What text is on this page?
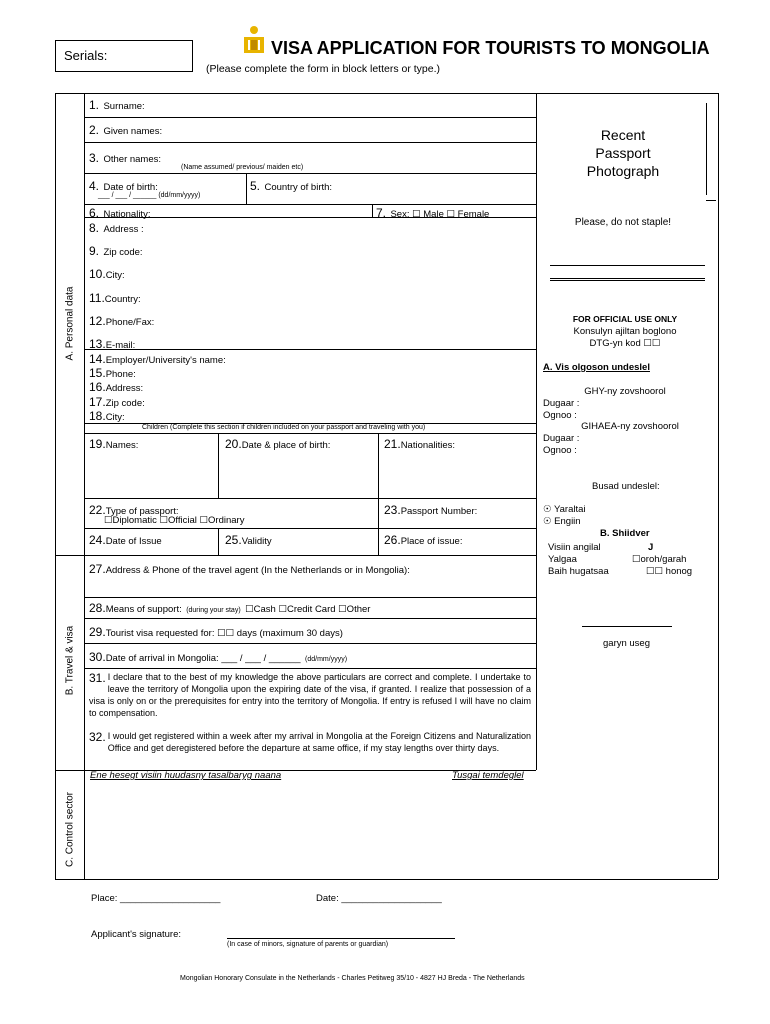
Serials:	VISA APPLICATION FOR TOURISTS TO MONGOLIA
(Please complete the form in block letters or type.)
A. Personal data
B. Travel & visa
C. Control sector
1. Surname:
2. Given names:
3. Other names:
(Name assumed/ previous/ maiden etc)
4. Date of birth:
___ / ___ / ______ (dd/mm/yyyy)
5. Country of birth:
6. Nationality:	7. Sex: ☐ Male ☐ Female
8. Address :
9. Zip code:
10.City:
11.Country:
12.Phone/Fax:
13.E-mail:
14.Employer/University's name:
15.Phone:
16.Address:
17.Zip code:
18.City:
Children (Complete this section if children included on your passport and traveling with you)
19.Names:	20.Date & place of birth:	21.Nationalities:
22.Type of passport:
☐Diplomatic ☐Official ☐Ordinary
23.Passport Number:
24.Date of Issue	25.Validity	26.Place of issue:
27.Address & Phone of the travel agent (In the Netherlands or in Mongolia):
28.Means of support: (during your stay) ☐Cash ☐Credit Card ☐Other
29.Tourist visa requested for: ☐☐ days (maximum 30 days)
30.Date of arrival in Mongolia: ___ / ___ / ______ (dd/mm/yyyy)
31. I declare that to the best of my knowledge the above particulars are correct and complete. I undertake to leave the territory of Mongolia upon the expiring date of the visa, if granted. I realize that possession of a visa is only on or the prerequisites for entry into the territory of Mongolia. If entry is refused I will have no claim to compensation.
32. I would get registered within a week after my arrival in Mongolia at the Foreign Citizens and Naturalization Office and get deregistered before the departure at same office, if my stay lengths over thirty days.
Ene hesegt visiin huudasny tasalbaryg naana	Tusgai temdeglel
Recent
Passport
Photograph
Please, do not staple!
FOR OFFICIAL USE ONLY
Konsulyn ajiltan boglono
DTG-yn kod ☐☐
A. Vis olgoson undeslel
GHY-ny zovshoorol
Dugaar :
Ognoo :
GIHAEA-ny zovshoorol
Dugaar :
Ognoo :
Busad undeslel:
☉ Yaraltai
☉ Engiin
B. Shiidver
Visiin angilal	J
Yalgaa	☐oroh/garah
Baih hugatsaa	☐☐ honog
garyn useg
Place: ___________________	Date: ___________________
Applicant's signature:
(In case of minors, signature of parents or guardian)
Mongolian Honorary Consulate in the Netherlands - Charles Petitweg 35/10 - 4827 HJ Breda - The Netherlands
